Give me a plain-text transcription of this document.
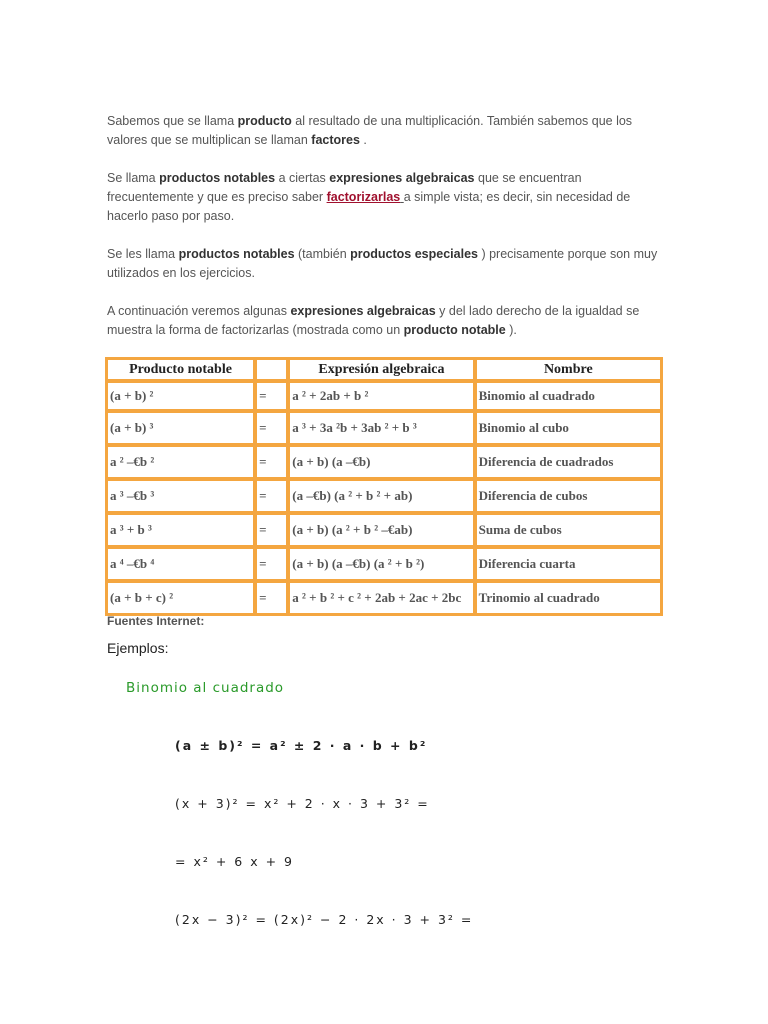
Sabemos que se llama producto al resultado de una multiplicación. También sabemos que los valores que se multiplican se llaman factores .

Se llama productos notables a ciertas expresiones algebraicas que se encuentran frecuentemente y que es preciso saber factorizarlas a simple vista; es decir, sin necesidad de hacerlo paso por paso.

Se les llama productos notables (también productos especiales ) precisamente porque son muy utilizados en los ejercicios.

A continuación veremos algunas expresiones algebraicas y del lado derecho de la igualdad se muestra la forma de factorizarlas (mostrada como un producto notable ).

Producto notable		Expresión algebraica	Nombre
(a + b) ²	=	a ² + 2ab + b ²	Binomio al cuadrado
(a + b) ³	=	a ³ + 3a ²b + 3ab ² + b ³	Binomio al cubo
a ² –€b ²	=	(a + b) (a –€b)	Diferencia de cuadrados
a ³ –€b ³	=	(a –€b) (a ² + b ² + ab)	Diferencia de cubos
a ³ + b ³	=	(a + b) (a ² + b ² –€ab)	Suma de cubos
a ⁴ –€b ⁴	=	(a + b) (a –€b) (a ² + b ²)	Diferencia cuarta
(a + b + c) ²	=	a ² + b ² + c ² + 2ab + 2ac + 2bc	Trinomio al cuadrado
Fuentes Internet:
Ejemplos:
Binomio al cuadrado
(a ± b)² = a² ± 2 · a · b + b²
(x + 3)² = x² + 2 · x · 3 + 3² =
= x² + 6 x + 9
(2x − 3)² = (2x)² − 2 · 2x · 3 + 3² =
